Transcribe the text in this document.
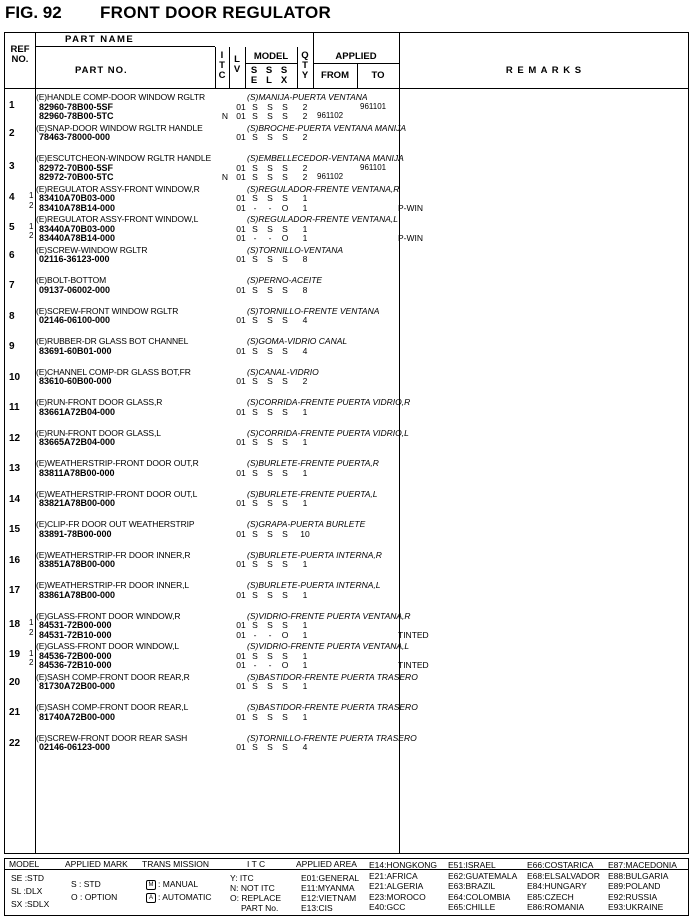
FIG. 92	FRONT DOOR REGULATOR
REF
NO.
PART NAME
PART NO.
I
T
C
L
V
MODEL
S
E
S
L
S
X
Q
T
Y
APPLIED
FROM	TO	R E M A R K S
1
(E)HANDLE COMP-DOOR WINDOW RGLTR	(S)MANIJA-PUERTA VENTANA
82960-78B00-5SF	01 S	S	S	2	961101
82960-78B00-5TC	N 01 S	S	S	2	961102
2	(E)SNAP-DOOR WINDOW RGLTR HANDLE	(S)BROCHE-PUERTA VENTANA MANIJA
78463-78000-000	01 S	S	S	2
3
(E)ESCUTCHEON-WINDOW RGLTR HANDLE	(S)EMBELLECEDOR-VENTANA MANIJA
82972-70B00-5SF	01 S	S	S	2	961101
82972-70B00-5TC	N 01 S	S	S	2	961102
4
(E)REGULATOR ASSY-FRONT WINDOW,R	(S)REGULADOR-FRENTE VENTANA,R
1 83410A70B03-000	01 S	S	S	1
2 83410A78B14-000	01 -	-	O	1	P-WIN
5
(E)REGULATOR ASSY-FRONT WINDOW,L	(S)REGULADOR-FRENTE VENTANA,L
1 83440A70B03-000	01 S	S	S	1
2 83440A78B14-000	01 -	-	O	1	P-WIN
6	(E)SCREW-WINDOW RGLTR	(S)TORNILLO-VENTANA
02116-36123-000	01 S	S	S	8
7	(E)BOLT-BOTTOM	(S)PERNO-ACEITE
09137-06002-000	01 S	S	S	8
8	(E)SCREW-FRONT WINDOW RGLTR	(S)TORNILLO-FRENTE VENTANA
02146-06100-000	01 S	S	S	4
9	(E)RUBBER-DR GLASS BOT CHANNEL	(S)GOMA-VIDRIO CANAL
83691-60B01-000	01 S	S	S	4
10	(E)CHANNEL COMP-DR GLASS BOT,FR	(S)CANAL-VIDRIO
83610-60B00-000	01 S	S	S	2
11	(E)RUN-FRONT DOOR GLASS,R	(S)CORRIDA-FRENTE PUERTA VIDRIO,R
83661A72B04-000	01 S	S	S	1
12	(E)RUN-FRONT DOOR GLASS,L	(S)CORRIDA-FRENTE PUERTA VIDRIO,L
83665A72B04-000	01 S	S	S	1
13	(E)WEATHERSTRIP-FRONT DOOR OUT,R	(S)BURLETE-FRENTE PUERTA,R
83811A78B00-000	01 S	S	S	1
14	(E)WEATHERSTRIP-FRONT DOOR OUT,L	(S)BURLETE-FRENTE PUERTA,L
83821A78B00-000	01 S	S	S	1
15	(E)CLIP-FR DOOR OUT WEATHERSTRIP	(S)GRAPA-PUERTA BURLETE
83891-78B00-000	01 S	S	S	10
16	(E)WEATHERSTRIP-FR DOOR INNER,R	(S)BURLETE-PUERTA INTERNA,R
83851A78B00-000	01 S	S	S	1
17	(E)WEATHERSTRIP-FR DOOR INNER,L	(S)BURLETE-PUERTA INTERNA,L
83861A78B00-000	01 S	S	S	1
18
(E)GLASS-FRONT DOOR WINDOW,R	(S)VIDRIO-FRENTE PUERTA VENTANA,R
1 84531-72B00-000	01 S	S	S	1
2 84531-72B10-000	01 -	-	O	1	TINTED
19
(E)GLASS-FRONT DOOR WINDOW,L	(S)VIDRIO-FRENTE PUERTA VENTANA,L
1 84536-72B00-000	01 S	S	S	1
2 84536-72B10-000	01 -	-	O	1	TINTED
20	(E)SASH COMP-FRONT DOOR REAR,R	(S)BASTIDOR-FRENTE PUERTA TRASERO
81730A72B00-000	01 S	S	S	1
21	(E)SASH COMP-FRONT DOOR REAR,L	(S)BASTIDOR-FRENTE PUERTA TRASERO
81740A72B00-000	01 S	S	S	1
22	(E)SCREW-FRONT DOOR REAR SASH	(S)TORNILLO-FRENTE PUERTA TRASERO
02146-06123-000	01 S	S	S	4
MODEL
SE :STD
SL :DLX
SX :SDLX
APPLIED MARK
S : STD
O : OPTION
TRANS MISSION
M : MANUAL
A : AUTOMATIC
I T C
Y: ITC
N: NOT ITC
O: REPLACE
PART No.
APPLIED AREA
E01:GENERAL
E11:MYANMA
E12:VIETNAM
E13:CIS
E14:HONGKONG
E21:AFRICA
E21:ALGERIA
E23:MOROCO
E40:GCC
E51:ISRAEL
E62:GUATEMALA
E63:BRAZIL
E64:COLOMBIA
E65:CHILLE
E66:COSTARICA
E68:ELSALVADOR
E84:HUNGARY
E85:CZECH
E86:ROMANIA
E87:MACEDONIA
E88:BULGARIA
E89:POLAND
E92:RUSSIA
E93:UKRAINE
